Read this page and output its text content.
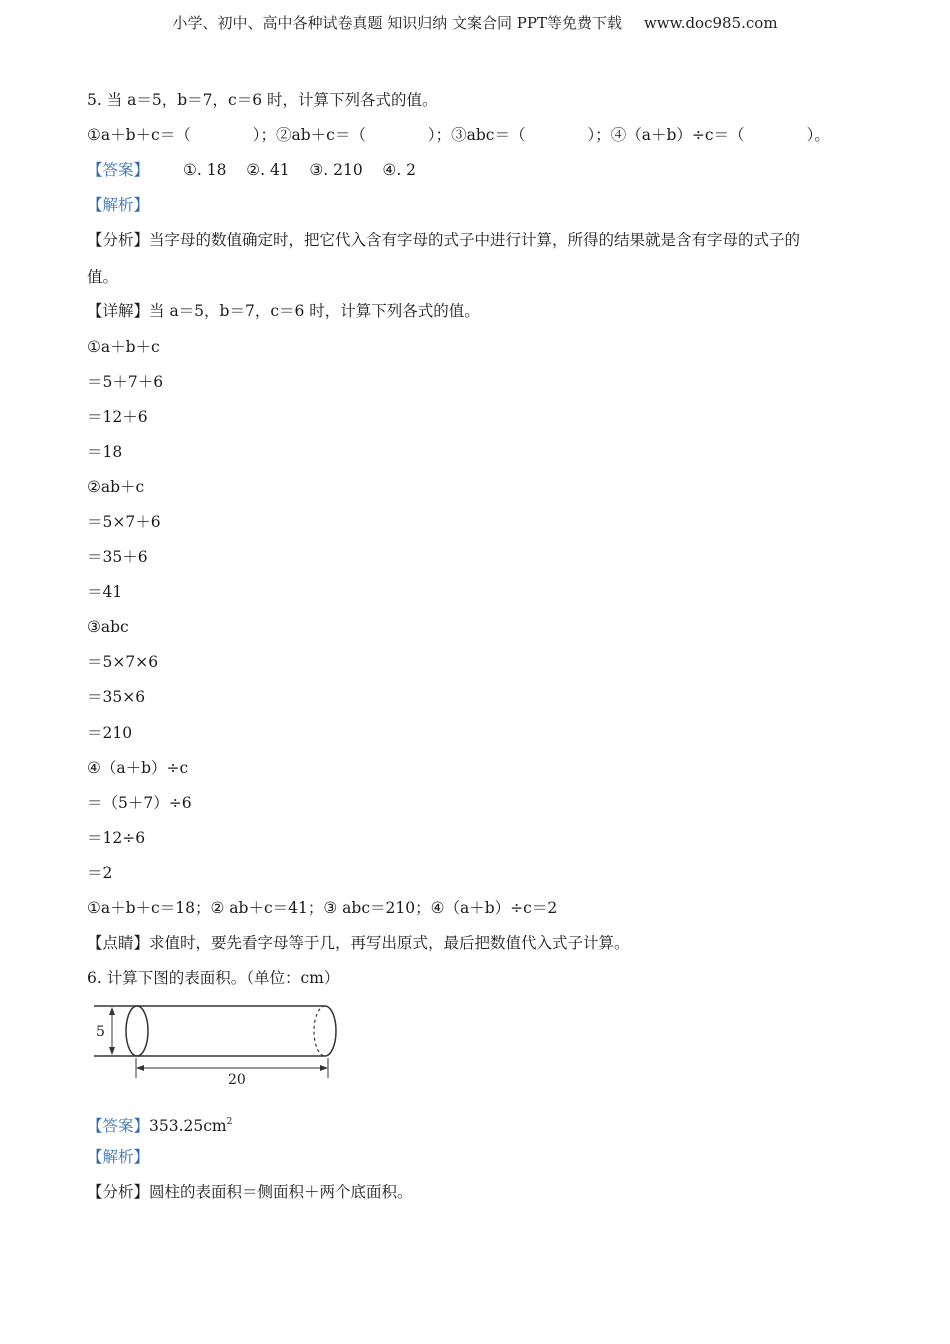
小学、初中、高中各种试卷真题 知识归纳 文案合同 PPT等免费下载 www.doc985.com
5. 当 a＝5，b＝7，c＝6 时，计算下列各式的值。
①a＋b＋c＝（	）；②ab＋c＝（	）；③abc＝（	）；④（a＋b）÷c＝（	）。
【答案】 ①. 18    ②. 41    ③. 210    ④. 2
【解析】
【分析】当字母的数值确定时，把它代入含有字母的式子中进行计算，所得的结果就是含有字母的式子的
值。
【详解】当 a＝5，b＝7，c＝6 时，计算下列各式的值。
①a＋b＋c
＝5＋7＋6
＝12＋6
＝18
②ab＋c
＝5×7＋6
＝35＋6
＝41
③abc
＝5×7×6
＝35×6
＝210
④（a＋b）÷c
＝（5＋7）÷6
＝12÷6
＝2
①a＋b＋c＝18；② ab＋c＝41；③ abc＝210；④（a＋b）÷c＝2
【点睛】求值时，要先看字母等于几，再写出原式，最后把数值代入式子计算。
6. 计算下图的表面积。（单位：cm）
5
20
【答案】$353.25cm^2$
【解析】
【分析】圆柱的表面积＝侧面积＋两个底面积。
